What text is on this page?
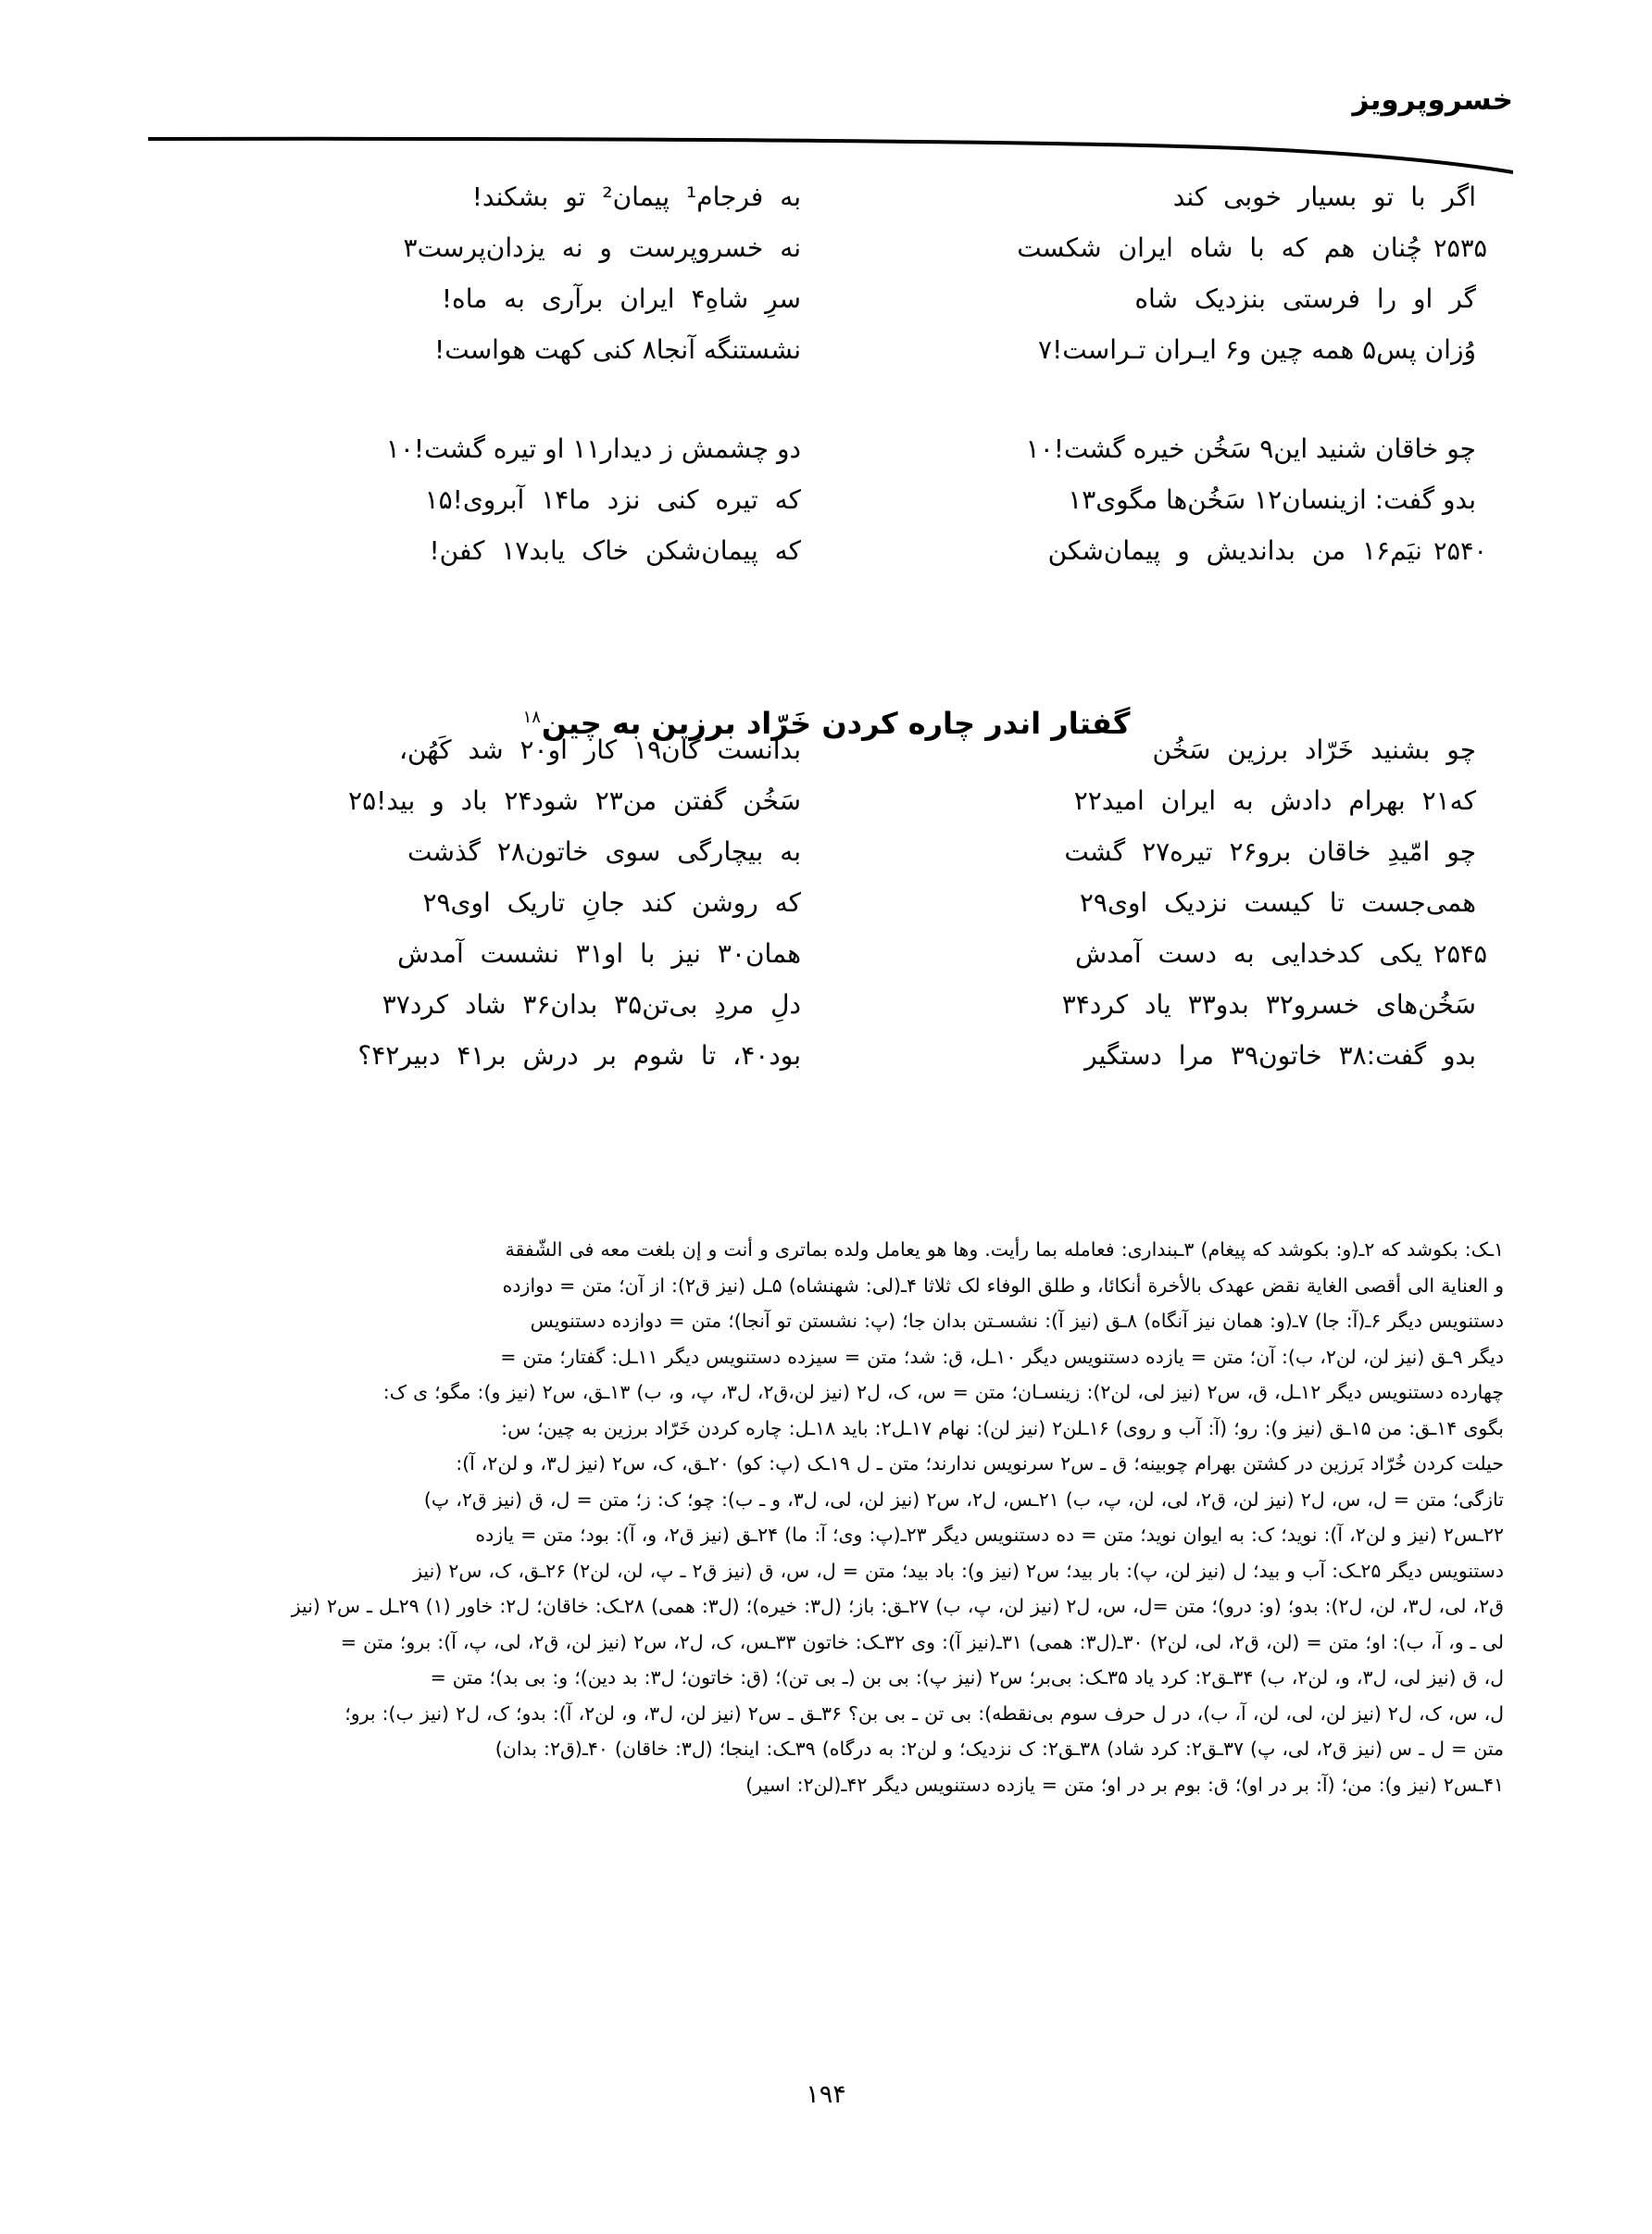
خسروپرویز
اگر با تو بسیار خوبی کند
به فرجام¹ پیمان² تو بشکند!
۲۵۳۵چُنان هم که با شاه ایران شکست
نه خسروپرست و نه یزدان‌پرست۳
گر او را فرستی بنزدیک شاه
سرِ شاهِ۴ ایران برآری به ماه!
وُزان پس۵ همه چین و۶ ایـران تـراست!۷
نشستنگه آنجا۸ کنی کهت هواست!
چو خاقان شنید این۹ سَخُن خیره گشت!۱۰
دو چشمش ز دیدار۱۱ او تیره گشت!۱۰
بدو گفت: ازینسان۱۲ سَخُن‌ها مگوی۱۳
که تیره کنی نزد ما۱۴ آبروی!۱۵
۲۵۴۰نیَم۱۶ من بداندیش و پیمان‌شکن
که پیمان‌شکن خاک یابد۱۷ کفن!
چو بشنید خَرّاد برزین سَخُن
بدانست کان۱۹ کار او۲۰ شد کَهُن،
که۲۱ بهرام دادش به ایران امید۲۲
سَخُن گفتن من۲۳ شود۲۴ باد و بید!۲۵
چو امّیدِ خاقان برو۲۶ تیره۲۷ گشت
به بیچارگی سوی خاتون۲۸ گذشت
همی‌جست تا کیست نزدیک اوی۲۹
که روشن کند جانِ تاریک اوی۲۹
۲۵۴۵یکی کدخدایی به دست آمدش
همان۳۰ نیز با او۳۱ نشست آمدش
سَخُن‌های خسرو۳۲ بدو۳۳ یاد کرد۳۴
دلِ مردِ بی‌تن۳۵ بدان۳۶ شاد کرد۳۷
بدو گفت:۳۸ خاتون۳۹ مرا دستگیر
بود۴۰، تا شوم بر درش بر۴۱ دبیر۴۲؟
گفتار اندر چاره کردن خَرّاد برزین به چین$^{۱۸}$
۱ـک: بکوشد که ۲ـ(و: بکوشد که پیغام) ۳ـبنداری: فعامله بما رأیت. وها هو یعامل ولده بماتری و أنت و إن بلغت معه فی الشّفقة
و العنایة الی أقصی الغایة نقض عهدک بالأخرة أنکائا، و طلق الوفاء لک ثلاثا ۴ـ(لی: شهنشاه) ۵ـل (نیز ق۲): از آن؛ متن = دوازده
دستنویس دیگر ۶ـ(آ: جا) ۷ـ(و: همان نیز آنگاه) ۸ـق (نیز آ): نشسـتن بدان جا؛ (پ: نشستن تو آنجا)؛ متن = دوازده دستنویس
دیگر ۹ـق (نیز لن، لن۲، ب): آن؛ متن = یازده دستنویس دیگر ۱۰ـل، ق: شد؛ متن = سیزده دستنویس دیگر ۱۱ـل: گفتار؛ متن =
چهارده دستنویس دیگر ۱۲ـل، ق، س۲ (نیز لی، لن۲): زینسـان؛ متن = س، ک، ل۲ (نیز لن،ق۲، ل۳، پ، و، ب) ۱۳ـق، س۲ (نیز و): مگو؛ ی ک:
بگوی ۱۴ـق: من ۱۵ـق (نیز و): رو؛ (آ: آب و روی) ۱۶ـلن۲ (نیز لن): نهام ۱۷ـل۲: باید ۱۸ـل: چاره کردن خَرّاد برزین به چین؛ س:
حیلت کردن خُرّاد بَرزین در کشتن بهرام چوبینه؛ ق ـ س۲ سرنویس ندارند؛ متن ـ ل ۱۹ـک (پ: کو) ۲۰ـق، ک، س۲ (نیز ل۳، و لن۲، آ):
تازگی؛ متن = ل، س، ل۲ (نیز لن، ق۲، لی، لن، پ، ب) ۲۱ـس، ل۲، س۲ (نیز لن، لی، ل۳، و ـ ب): چو؛ ک: ز؛ متن = ل، ق (نیز ق۲، پ)
۲۲ـس۲ (نیز و لن۲، آ): نوید؛ ک: به ایوان نوید؛ متن = ده دستنویس دیگر ۲۳ـ(پ: وی؛ آ: ما) ۲۴ـق (نیز ق۲، و، آ): بود؛ متن = یازده
دستنویس دیگر ۲۵ـک: آب و بید؛ ل (نیز لن، پ): بار بید؛ س۲ (نیز و): باد بید؛ متن = ل، س، ق (نیز ق۲ ـ پ، لن، لن۲) ۲۶ـق، ک، س۲ (نیز
ق۲، لی، ل۳، لن، ل۲): بدو؛ (و: درو)؛ متن =ل، س، ل۲ (نیز لن، پ، ب) ۲۷ـق: باز؛ (ل۳: خیره)؛ (ل۳: همی) ۲۸ـک: خاقان؛ ل۲: خاور (۱) ۲۹ـل ـ س۲ (نیز
لی ـ و، آ، ب): او؛ متن = (لن، ق۲، لی، لن۲) ۳۰ـ(ل۳: همی) ۳۱ـ(نیز آ): وی ۳۲ـک: خاتون ۳۳ـس، ک، ل۲، س۲ (نیز لن، ق۲، لی، پ، آ): برو؛ متن =
ل، ق (نیز لی، ل۳، و، لن۲، ب) ۳۴ـق۲: کرد یاد ۳۵ـک: بی‌بر؛ س۲ (نیز پ): بی بن (ـ بی تن)؛ (ق: خاتون؛ ل۳: بد دین)؛ و: بی بد)؛ متن =
ل، س، ک، ل۲ (نیز لن، لی، لن، آ، ب)، در ل حرف سوم بی‌نقطه): بی تن ـ بی بن؟ ۳۶ـق ـ س۲ (نیز لن، ل۳، و، لن۲، آ): بدو؛ ک، ل۲ (نیز ب): برو؛
متن = ل ـ س (نیز ق۲، لی، پ) ۳۷ـق۲: کرد شاد) ۳۸ـق۲: ک نزدیک؛ و لن۲: به درگاه) ۳۹ـک: اینجا؛ (ل۳: خاقان) ۴۰ـ(ق۲: بدان)
۴۱ـس۲ (نیز و): من؛ (آ: بر در او)؛ ق: بوم بر در او؛ متن = یازده دستنویس دیگر ۴۲ـ(لن۲: اسیر)
۱۹۴
